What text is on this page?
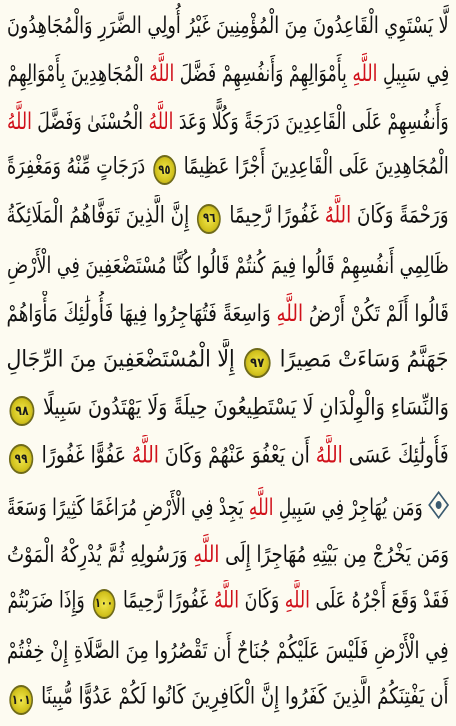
لَّا يَسْتَوِي الْقَاعِدُونَ مِنَ الْمُؤْمِنِينَ غَيْرُ أُولِي الضَّرَرِ وَالْمُجَاهِدُونَ
فِي سَبِيلِ اللَّهِ بِأَمْوَالِهِمْ وَأَنفُسِهِمْ فَضَّلَ اللَّهُ الْمُجَاهِدِينَ بِأَمْوَالِهِمْ
وَأَنفُسِهِمْ عَلَى الْقَاعِدِينَ دَرَجَةً وَكُلًّا وَعَدَ اللَّهُ الْحُسْنَىٰ وَفَضَّلَ اللَّهُ
الْمُجَاهِدِينَ عَلَى الْقَاعِدِينَ أَجْرًا عَظِيمًا ٩٥ دَرَجَاتٍ مِّنْهُ وَمَغْفِرَةً
وَرَحْمَةً وَكَانَ اللَّهُ غَفُورًا رَّحِيمًا ٩٦ إِنَّ الَّذِينَ تَوَفَّاهُمُ الْمَلَائِكَةُ
ظَالِمِي أَنفُسِهِمْ قَالُوا فِيمَ كُنتُمْ قَالُوا كُنَّا مُسْتَضْعَفِينَ فِي الْأَرْضِ
قَالُوا أَلَمْ تَكُنْ أَرْضُ اللَّهِ وَاسِعَةً فَتُهَاجِرُوا فِيهَا فَأُولَٰئِكَ مَأْوَاهُمْ
جَهَنَّمُ وَسَاءَتْ مَصِيرًا ٩٧ إِلَّا الْمُسْتَضْعَفِينَ مِنَ الرِّجَالِ
وَالنِّسَاءِ وَالْوِلْدَانِ لَا يَسْتَطِيعُونَ حِيلَةً وَلَا يَهْتَدُونَ سَبِيلًا ٩٨
فَأُولَٰئِكَ عَسَى اللَّهُ أَن يَعْفُوَ عَنْهُمْ وَكَانَ اللَّهُ عَفُوًّا غَفُورًا ٩٩
وَمَن يُهَاجِرْ فِي سَبِيلِ اللَّهِ يَجِدْ فِي الْأَرْضِ مُرَاغَمًا كَثِيرًا وَسَعَةً
وَمَن يَخْرُجْ مِن بَيْتِهِ مُهَاجِرًا إِلَى اللَّهِ وَرَسُولِهِ ثُمَّ يُدْرِكْهُ الْمَوْتُ
فَقَدْ وَقَعَ أَجْرُهُ عَلَى اللَّهِ وَكَانَ اللَّهُ غَفُورًا رَّحِيمًا ١٠٠ وَإِذَا ضَرَبْتُمْ
فِي الْأَرْضِ فَلَيْسَ عَلَيْكُمْ جُنَاحٌ أَن تَقْصُرُوا مِنَ الصَّلَاةِ إِنْ خِفْتُمْ
أَن يَفْتِنَكُمُ الَّذِينَ كَفَرُوا إِنَّ الْكَافِرِينَ كَانُوا لَكُمْ عَدُوًّا مُّبِينًا ١٠١
